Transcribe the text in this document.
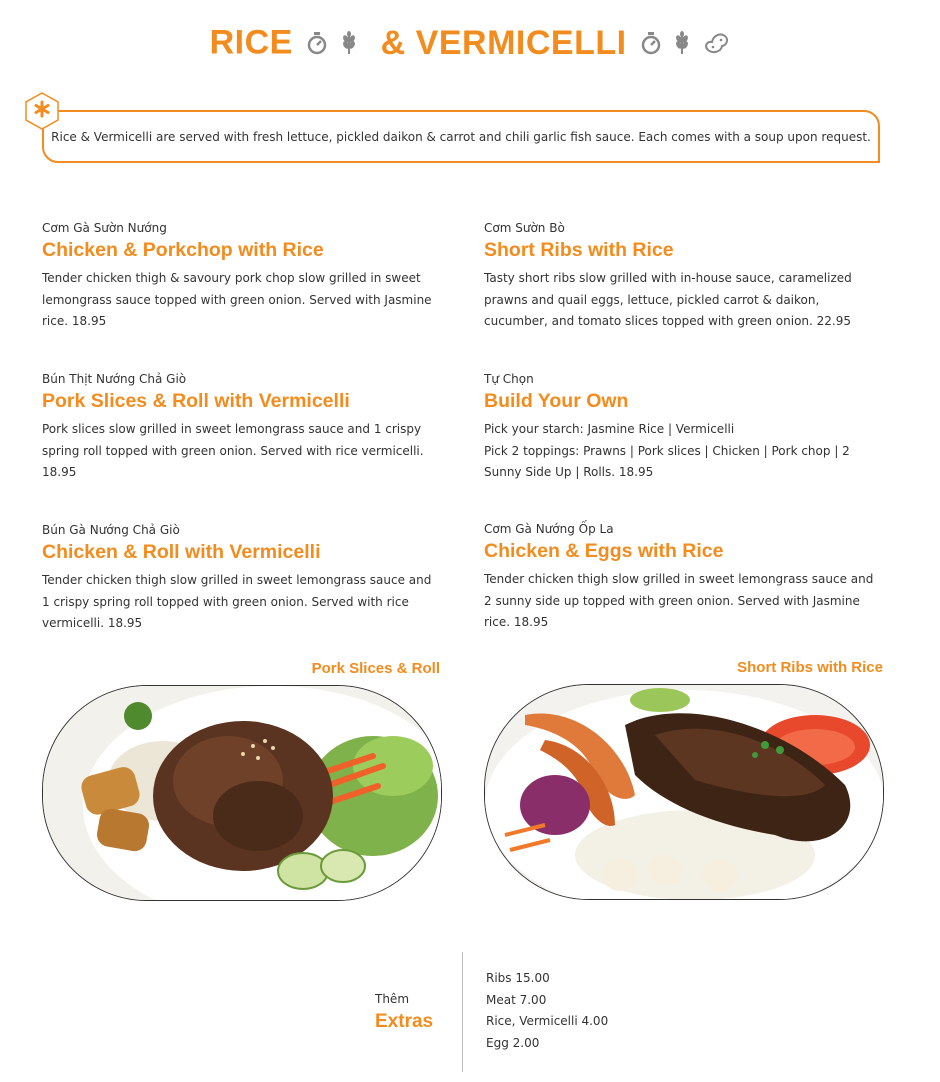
RICE	& VERMICELLI
Rice & Vermicelli are served with fresh lettuce, pickled daikon & carrot and chili garlic fish sauce. Each comes with a soup upon request.
Cơm Gà Sườn Nướng
Chicken & Porkchop with Rice
Tender chicken thigh & savoury pork chop slow grilled in sweet lemongrass sauce topped with green onion. Served with Jasmine rice. 18.95
Cơm Sườn Bò
Short Ribs with Rice
Tasty short ribs slow grilled with in-house sauce, caramelized prawns and quail eggs, lettuce, pickled carrot & daikon, cucumber, and tomato slices topped with green onion. 22.95
Bún Thịt Nướng Chả Giò
Pork Slices & Roll with Vermicelli
Pork slices slow grilled in sweet lemongrass sauce and 1 crispy spring roll topped with green onion. Served with rice vermicelli. 18.95
Tự Chọn
Build Your Own
Pick your starch: Jasmine Rice | Vermicelli
Pick 2 toppings: Prawns | Pork slices | Chicken | Pork chop | 2 Sunny Side Up | Rolls. 18.95
Bún Gà Nướng Chả Giò
Chicken & Roll with Vermicelli
Tender chicken thigh slow grilled in sweet lemongrass sauce and 1 crispy spring roll topped with green onion. Served with rice vermicelli. 18.95
Cơm Gà Nướng Ốp La
Chicken & Eggs with Rice
Tender chicken thigh slow grilled in sweet lemongrass sauce and 2 sunny side up topped with green onion. Served with Jasmine rice. 18.95
Pork Slices & Roll	Short Ribs with Rice
Thêm
Extras
Ribs 15.00
Meat 7.00
Rice, Vermicelli 4.00
Egg 2.00
